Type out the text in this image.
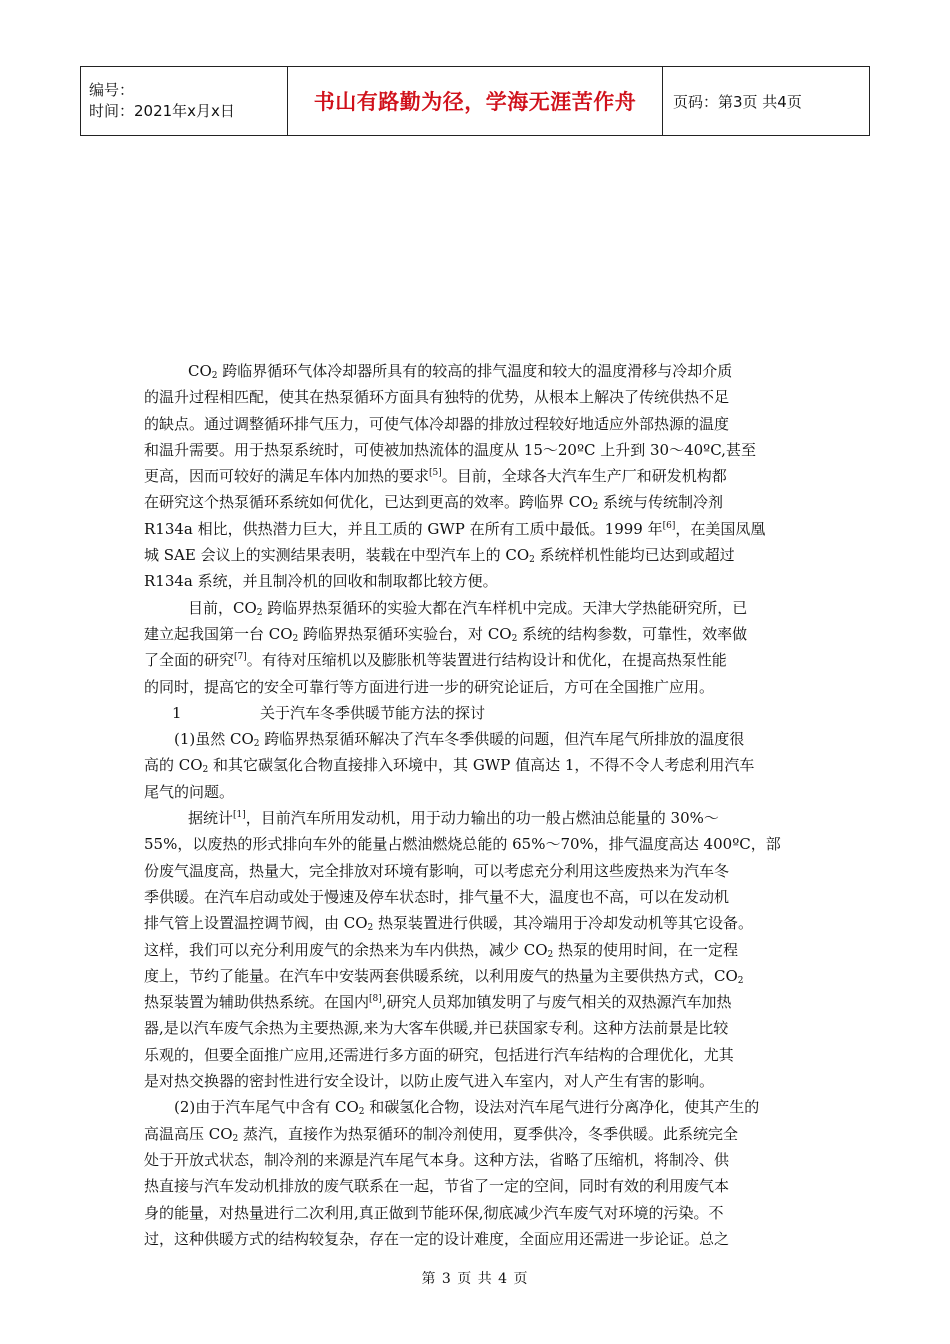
编号：
时间：2021年x月x日	书山有路勤为径，学海无涯苦作舟	页码：第3页 共4页
$CO_2$ 跨临界循环气体冷却器所具有的较高的排气温度和较大的温度滑移与冷却介质
的温升过程相匹配，使其在热泵循环方面具有独特的优势，从根本上解决了传统供热不足
的缺点。通过调整循环排气压力，可使气体冷却器的排放过程较好地适应外部热源的温度
和温升需要。用于热泵系统时，可使被加热流体的温度从 15～20ºC 上升到 30～40ºC,甚至
更高，因而可较好的满足车体内加热的要求[5]。目前，全球各大汽车生产厂和研发机构都
在研究这个热泵循环系统如何优化，已达到更高的效率。跨临界 $CO_2$ 系统与传统制冷剂
R134a 相比，供热潜力巨大，并且工质的 GWP 在所有工质中最低。1999 年[6]，在美国凤凰
城 SAE 会议上的实测结果表明，装载在中型汽车上的 $CO_2$ 系统样机性能均已达到或超过
R134a 系统，并且制冷机的回收和制取都比较方便。
目前，$CO_2$ 跨临界热泵循环的实验大都在汽车样机中完成。天津大学热能研究所，已
建立起我国第一台 $CO_2$ 跨临界热泵循环实验台，对 $CO_2$ 系统的结构参数，可靠性，效率做
了全面的研究[7]。有待对压缩机以及膨胀机等装置进行结构设计和优化，在提高热泵性能
的同时，提高它的安全可靠行等方面进行进一步的研究论证后，方可在全国推广应用。
1	关于汽车冬季供暖节能方法的探讨
(1)虽然 $CO_2$ 跨临界热泵循环解决了汽车冬季供暖的问题，但汽车尾气所排放的温度很
高的 $CO_2$ 和其它碳氢化合物直接排入环境中，其 GWP 值高达 1，不得不令人考虑利用汽车
尾气的问题。
据统计[1]，目前汽车所用发动机，用于动力输出的功一般占燃油总能量的 30%～
55%，以废热的形式排向车外的能量占燃油燃烧总能的 65%～70%，排气温度高达 400ºC，部
份废气温度高，热量大，完全排放对环境有影响，可以考虑充分利用这些废热来为汽车冬
季供暖。在汽车启动或处于慢速及停车状态时，排气量不大，温度也不高，可以在发动机
排气管上设置温控调节阀，由 $CO_2$ 热泵装置进行供暖，其冷端用于冷却发动机等其它设备。
这样，我们可以充分利用废气的余热来为车内供热，减少 $CO_2$ 热泵的使用时间，在一定程
度上，节约了能量。在汽车中安装两套供暖系统，以利用废气的热量为主要供热方式，$CO_2$
热泵装置为辅助供热系统。在国内[8],研究人员郑加镇发明了与废气相关的双热源汽车加热
器,是以汽车废气余热为主要热源,来为大客车供暖,并已获国家专利。这种方法前景是比较
乐观的，但要全面推广应用,还需进行多方面的研究，包括进行汽车结构的合理优化，尤其
是对热交换器的密封性进行安全设计，以防止废气进入车室内，对人产生有害的影响。
(2)由于汽车尾气中含有 $CO_2$ 和碳氢化合物，设法对汽车尾气进行分离净化，使其产生的
高温高压 $CO_2$ 蒸汽，直接作为热泵循环的制冷剂使用，夏季供冷，冬季供暖。此系统完全
处于开放式状态，制冷剂的来源是汽车尾气本身。这种方法，省略了压缩机，将制冷、供
热直接与汽车发动机排放的废气联系在一起，节省了一定的空间，同时有效的利用废气本
身的能量，对热量进行二次利用,真正做到节能环保,彻底减少汽车废气对环境的污染。不
过，这种供暖方式的结构较复杂，存在一定的设计难度，全面应用还需进一步论证。总之
第 3 页 共 4 页
